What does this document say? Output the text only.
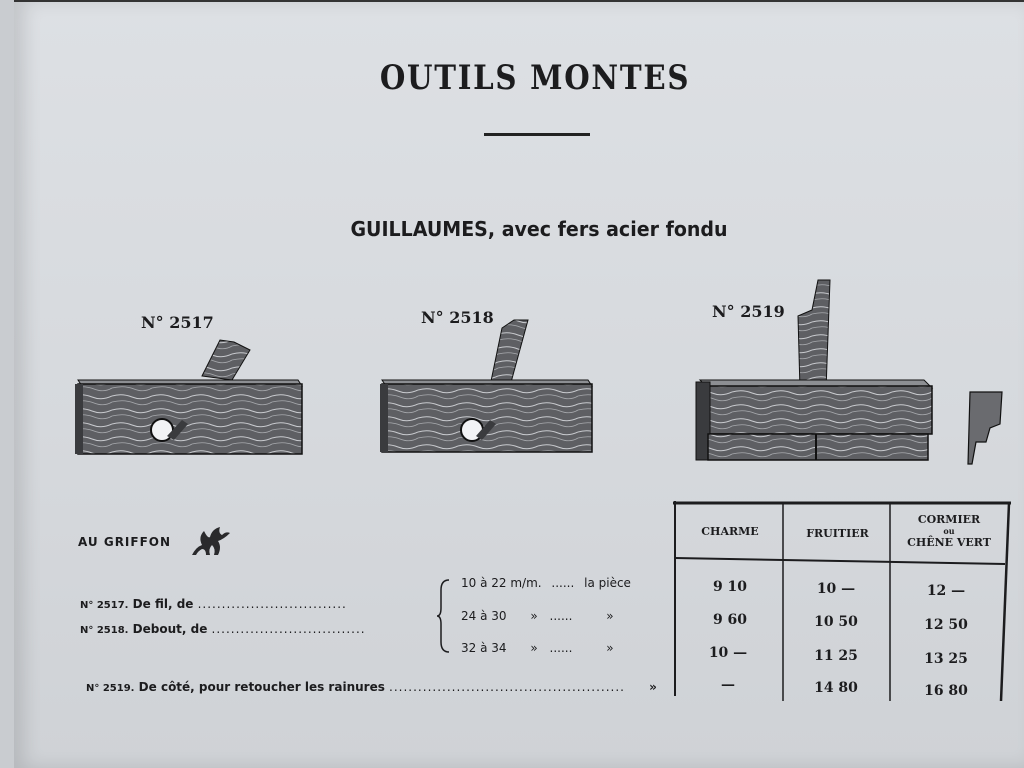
OUTILS MONTES
GUILLAUMES, avec fers acier fondu
N° 2517	N° 2518	N° 2519
AU GRIFFON
N° 2517. De fil, de ...............................
N° 2518. Debout, de ................................
N° 2519. De côté, pour retoucher les rainures ................................................. »
10 à 22 m/m. ...... la pièce
24 à 30 » ......	»
32 à 34 » ......	»
CHARME	FRUITIER
CORMIER
ou
CHÊNE VERT
9 10	10 —	12 —
9 60	10 50	12 50
10 —	11 25	13 25
—	14 80	16 80
